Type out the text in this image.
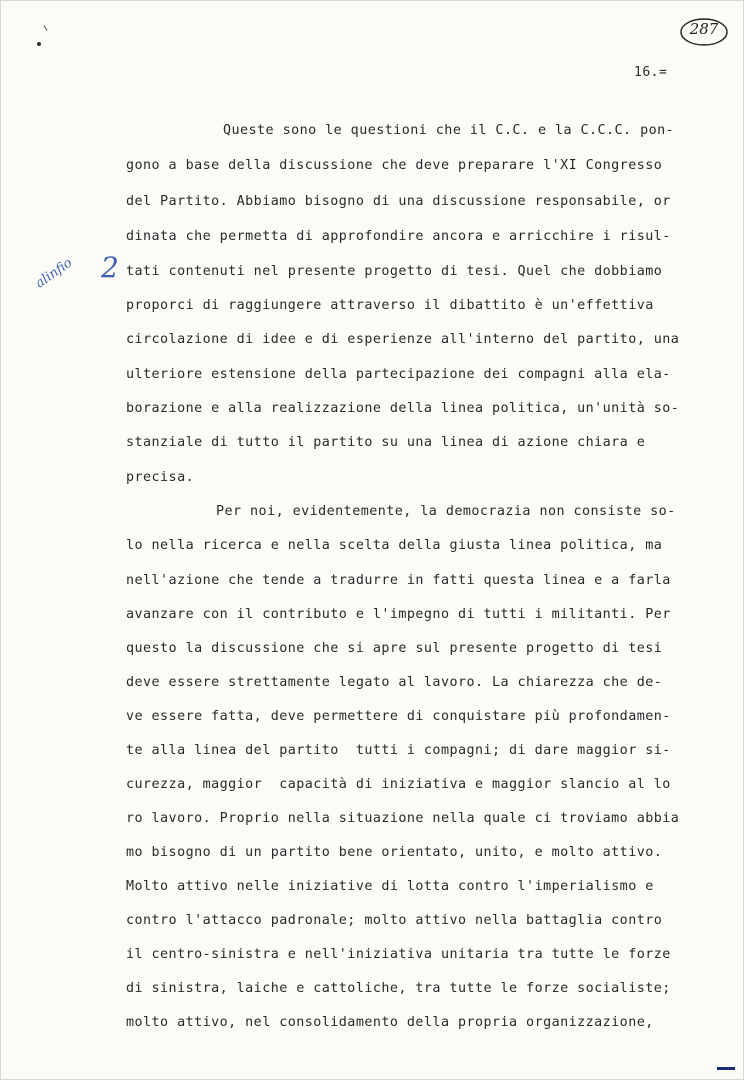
287
16.=
2
alinfio
Queste sono le questioni che il C.C. e la C.C.C. pon-
gono a base della discussione che deve preparare l'XI Congresso
del Partito. Abbiamo bisogno di una discussione responsabile, or
dinata che permetta di approfondire ancora e arricchire i risul-
tati contenuti nel presente progetto di tesi. Quel che dobbiamo
proporci di raggiungere attraverso il dibattito è un'effettiva
circolazione di idee e di esperienze all'interno del partito, una
ulteriore estensione della partecipazione dei compagni alla ela-
borazione e alla realizzazione della linea politica, un'unità so-
stanziale di tutto il partito su una linea di azione chiara e
precisa.
Per noi, evidentemente, la democrazia non consiste so-
lo nella ricerca e nella scelta della giusta linea politica, ma
nell'azione che tende a tradurre in fatti questa linea e a farla
avanzare con il contributo e l'impegno di tutti i militanti. Per
questo la discussione che si apre sul presente progetto di tesi
deve essere strettamente legato al lavoro. La chiarezza che de-
ve essere fatta, deve permettere di conquistare più profondamen-
te alla linea del partito  tutti i compagni; di dare maggior si-
curezza, maggior  capacità di iniziativa e maggior slancio al lo
ro lavoro. Proprio nella situazione nella quale ci troviamo abbia
mo bisogno di un partito bene orientato, unito, e molto attivo.
Molto attivo nelle iniziative di lotta contro l'imperialismo e
contro l'attacco padronale; molto attivo nella battaglia contro
il centro-sinistra e nell'iniziativa unitaria tra tutte le forze
di sinistra, laiche e cattoliche, tra tutte le forze socialiste;
molto attivo, nel consolidamento della propria organizzazione,
